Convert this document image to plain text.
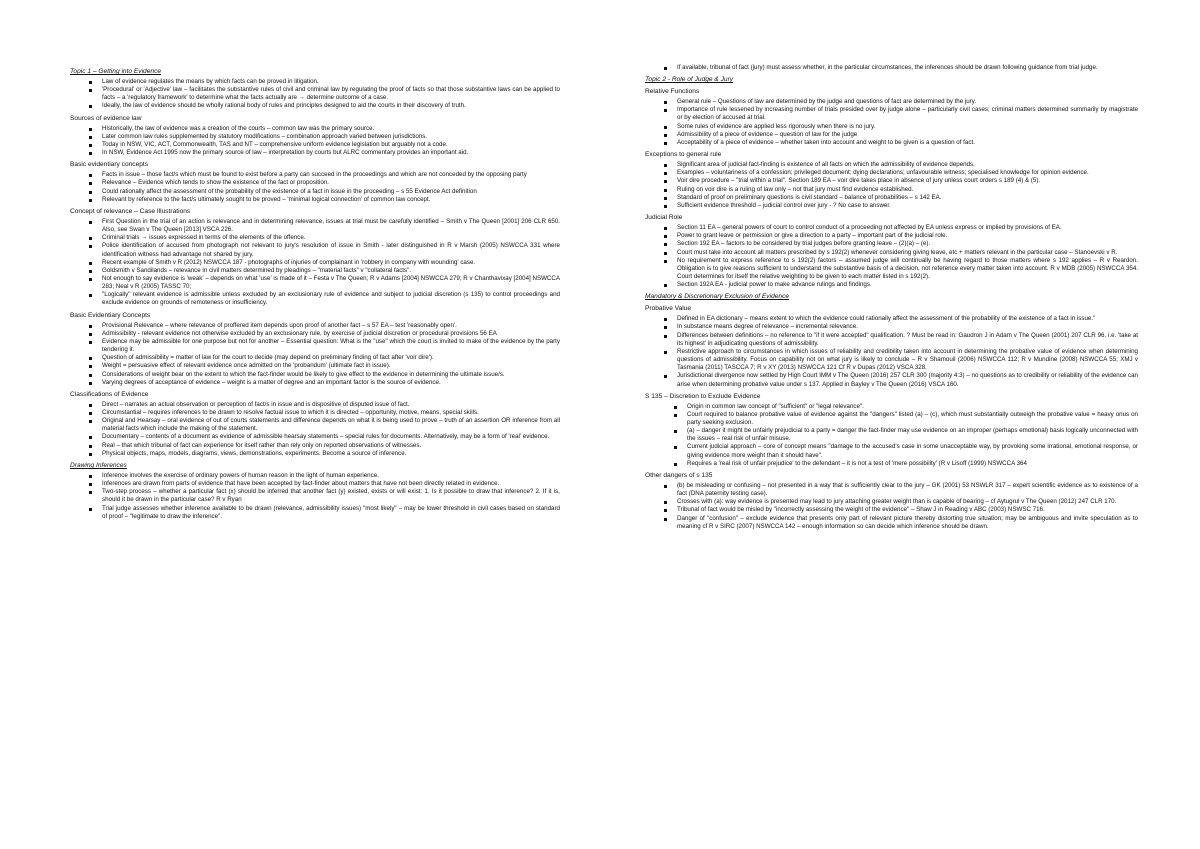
Topic 1 – Getting into Evidence
Law of evidence regulates the means by which facts can be proved in litigation.
'Procedural' or 'Adjective' law – facilitates the substantive rules of civil and criminal law by regulating the proof of facts so that those substantive laws can be applied to facts – a 'regulatory framework' to determine what the facts actually are → determine outcome of a case.
Ideally, the law of evidence should be wholly rational body of rules and principles designed to aid the courts in their discovery of truth.
Sources of evidence law
Historically, the law of evidence was a creation of the courts – common law was the primary source.
Later common law rules supplemented by statutory modifications – combination approach varied between jurisdictions.
Today in NSW, VIC, ACT, Commonwealth, TAS and NT – comprehensive uniform evidence legislation but arguably not a code.
In NSW, Evidence Act 1995 now the primary source of law – interpretation by courts but ALRC commentary provides an important aid.
Basic evidentiary concepts
Facts in issue – those fact/s which must be found to exist before a party can succeed in the proceedings and which are not conceded by the opposing party
Relevance – Evidence which tends to show the existence of the fact or proposition.
Could rationally affect the assessment of the probability of the existence of a fact in issue in the proceeding – s 55 Evidence Act definition
Relevant by reference to the fact/s ultimately sought to be proved – 'minimal logical connection' of common law concept.
Concept of relevance – Case Illustrations
First Question in the trial of an action is relevance and in determining relevance, issues at trial must be carefully identified – Smith v The Queen [2001] 206 CLR 650. Also, see Swan v The Queen [2013] VSCA 226.
Criminal trials → issues expressed in terms of the elements of the offence.
Police identification of accused from photograph not relevant to jury's resolution of issue in Smith - later distinguished in R v Marsh (2005) NSWCCA 331 where identification witness had advantage not shared by jury.
Recent example of Smith v R (2012) NSWCCA 187 - photographs of injuries of complainant in 'robbery in company with wounding' case.
Goldsmith v Sandilands – relevance in civil matters determined by pleadings – "material facts" v "collateral facts".
Not enough to say evidence is 'weak' – depends on what 'use' is made of it – Festa v The Queen; R v Adams [2004] NSWCCA 279; R v Chanthavixay [2004] NSWCCA 283; Neal v R (2005) TASSC 70;
"Logically" relevant evidence is admissible unless excluded by an exclusionary rule of evidence and subject to judicial discretion (s 135) to control proceedings and exclude evidence on grounds of remoteness or insufficiency.
Basic Evidentiary Concepts
Provisional Relevance – where relevance of proffered item depends upon proof of another fact – s 57 EA – test 'reasonably open'.
Admissibility - relevant evidence not otherwise excluded by an exclusionary rule, by exercise of judicial discretion or procedural provisions 56 EA
Evidence may be admissible for one purpose but not for another – Essential question: What is the "use" which the court is invited to make of the evidence by the party tendering it.
Question of admissibility = matter of law for the court to decide (may depend on preliminary finding of fact after 'voir dire').
Weight = persuasive effect of relevant evidence once admitted on the 'probandum' (ultimate fact in issue).
Considerations of weight bear on the extent to which the fact-finder would be likely to give effect to the evidence in determining the ultimate issue/s.
Varying degrees of acceptance of evidence – weight is a matter of degree and an important factor is the source of evidence.
Classifications of Evidence
Direct – narrates an actual observation or perception of fact/s in issue and is dispositive of disputed issue of fact.
Circumstantial – requires inferences to be drawn to resolve factual issue to which it is directed – opportunity, motive, means, special skills.
Original and Hearsay – oral evidence of out of courts statements and difference depends on what it is being used to prove – truth of an assertion OR inference from all material facts which include the making of the statement.
Documentary – contents of a document as evidence of admissible hearsay statements – special rules for documents. Alternatively, may be a form of 'real' evidence.
Real – that which tribunal of fact can experience for itself rather than rely only on reported observations of witnesses.
Physical objects, maps, models, diagrams, views, demonstrations, experiments. Become a source of inference.
Drawing Inferences
Inference involves the exercise of ordinary powers of human reason in the light of human experience.
Inferences are drawn from parts of evidence that have been accepted by fact-finder about matters that have not been directly related in evidence.
Two-step process – whether a particular fact (x) should be inferred that another fact (y) existed, exists or will exist: 1. Is it possible to draw that inference? 2. If it is, should it be drawn in the particular case? R v Ryan
Trial judge assesses whether inference available to be drawn (relevance, admissibility issues) "most likely" – may be lower threshold in civil cases based on standard of proof – "legitimate to draw the inference".
If available, tribunal of fact (jury) must assess whether, in the particular circumstances, the inferences should be drawn following guidance from trial judge.
Topic 2 - Role of Judge & Jury
Relative Functions
General rule – Questions of law are determined by the judge and questions of fact are determined by the jury.
Importance of rule lessened by increasing number of trials presided over by judge alone – particularly civil cases; criminal matters determined summarily by magistrate or by election of accused at trial.
Some rules of evidence are applied less rigorously when there is no jury.
Admissibility of a piece of evidence – question of law for the judge
Acceptability of a piece of evidence – whether taken into account and weight to be given is a question of fact.
Exceptions to general rule
Significant area of judicial fact-finding is existence of all facts on which the admissibility of evidence depends.
Examples – voluntariness of a confession; privileged document; dying declarations; unfavourable witness; specialised knowledge for opinion evidence.
Voir dire procedure – "trial within a trial". Section 189 EA – voir dire takes place in absence of jury unless court orders s 189 (4) & (5).
Ruling on voir dire is a ruling of law only – not that jury must find evidence established.
Standard of proof on preliminary questions is civil standard – balance of probabilities – s 142 EA.
Sufficient evidence threshold – judicial control over jury - ? No case to answer.
Judicial Role
Section 11 EA – general powers of court to control conduct of a proceeding not affected by EA unless express or implied by provisions of EA.
Power to grant leave or permission or give a direction to a party – important part of the judicial role.
Section 192 EA – factors to be considered by trial judges before granting leave – (2)(a) – (e).
Court must take into account all matters prescribed by s 192(2) whenever considering giving leave, etc + matters relevant in the particular case – Stanoevski v R.
No requirement to express reference to s 192(2) factors – assumed judge will continually be having regard to those matters where s 192 applies – R v Reardon. Obligation is to give reasons sufficient to understand the substantive basis of a decision, not reference every matter taken into account. R v MDB (2005) NSWCCA 354. Court determines for itself the relative weighting to be given to each matter listed in s 192(2).
Section 192A EA - judicial power to make advance rulings and findings.
Mandatory & Discretionary Exclusion of Evidence
Probative Value
Defined in EA dictionary – means extent to which the evidence could rationally affect the assessment of the probability of the existence of a fact in issue."
In substance means degree of relevance – incremental relevance.
Differences between definitions – no reference to "if it were accepted" qualification. ? Must be read in: Gaudron J in Adam v The Queen (2001) 207 CLR 96, i.e. 'take at its highest' in adjudicating questions of admissibility.
Restrictive approach to circumstances in which issues of reliability and credibility taken into account in determining the probative value of evidence when determining questions of admissibility. Focus on capability not on what jury is likely to conclude – R v Shamouil (2006) NSWCCA 112; R v Mundine (2008) NSWCCA 55; XMJ v Tasmania (2011) TASCCA 7; R v XY (2013) NSWCCA 121 Cf R v Dupas (2012) VSCA 328.
Jurisdictional divergence now settled by High Court IMM v The Queen (2016) 257 CLR 300 (majority 4:3) – no questions as to credibility or reliability of the evidence can arise when determining probative value under s 137. Applied in Bayley v The Queen (2016) VSCA 160.
S 135 – Discretion to Exclude Evidence
Origin in common law concept of "sufficient" or "legal relevance".
Court required to balance probative value of evidence against the "dangers" listed (a) – (c), which must substantially outweigh the probative value = heavy onus on party seeking exclusion.
(a) – danger it might be unfairly prejudicial to a party = danger the fact-finder may use evidence on an improper (perhaps emotional) basis logically unconnected with the issues – real risk of unfair misuse.
Current judicial approach – core of concept means "damage to the accused's case in some unacceptable way, by provoking some irrational, emotional response, or giving evidence more weight than it should have".
Requires a 'real risk of unfair prejudice' to the defendant – it is not a test of 'mere possibility' (R v Lisoff (1999) NSWCCA 364
Other dangers of s 135
(b) be misleading or confusing – not presented in a way that is sufficiently clear to the jury – GK (2001) 53 NSWLR 317 – expert scientific evidence as to existence of a fact (DNA paternity testing case).
Crosses with (a): way evidence is presented may lead to jury attaching greater weight than is capable of bearing – cf Aytugrul v The Queen (2012) 247 CLR 170.
Tribunal of fact would be misled by "incorrectly assessing the weight of the evidence" – Shaw J in Reading v ABC (2003) NSWSC 716.
Danger of "confusion" – exclude evidence that presents only part of relevant picture thereby distorting true situation; may be ambiguous and invite speculation as to meaning cf R v SIRC (2007) NSWCCA 142 – enough information so can decide which inference should be drawn.
